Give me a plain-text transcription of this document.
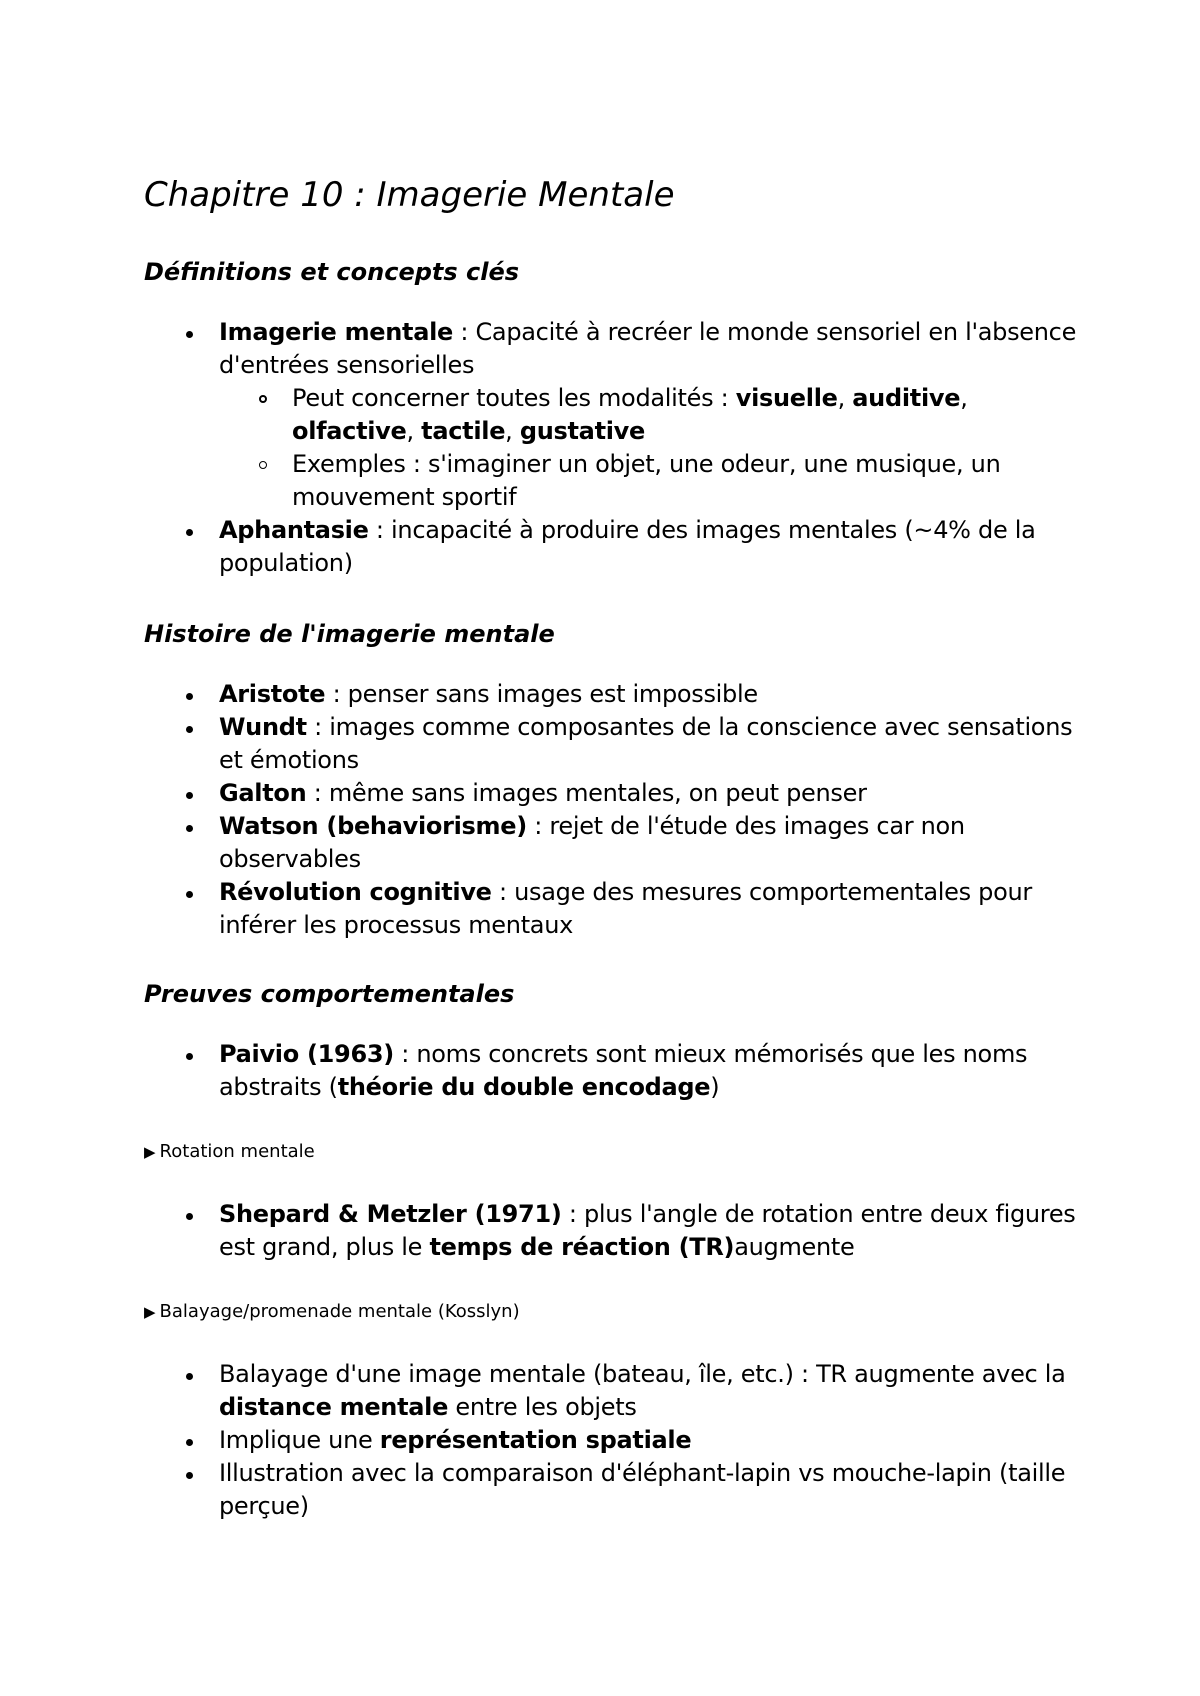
Chapitre 10 : Imagerie Mentale
Définitions et concepts clés
Imagerie mentale : Capacité à recréer le monde sensoriel en l'absence d'entrées sensorielles
Peut concerner toutes les modalités : visuelle, auditive, olfactive, tactile, gustative
Exemples : s'imaginer un objet, une odeur, une musique, un mouvement sportif
Aphantasie : incapacité à produire des images mentales (~4% de la population)
Histoire de l'imagerie mentale
Aristote : penser sans images est impossible
Wundt : images comme composantes de la conscience avec sensations et émotions
Galton : même sans images mentales, on peut penser
Watson (behaviorisme) : rejet de l'étude des images car non observables
Révolution cognitive : usage des mesures comportementales pour inférer les processus mentaux
Preuves comportementales
Paivio (1963) : noms concrets sont mieux mémorisés que les noms abstraits (théorie du double encodage)
▶ Rotation mentale
Shepard & Metzler (1971) : plus l'angle de rotation entre deux figures est grand, plus le temps de réaction (TR)augmente
▶ Balayage/promenade mentale (Kosslyn)
Balayage d'une image mentale (bateau, île, etc.) : TR augmente avec la distance mentale entre les objets
Implique une représentation spatiale
Illustration avec la comparaison d'éléphant-lapin vs mouche-lapin (taille perçue)
